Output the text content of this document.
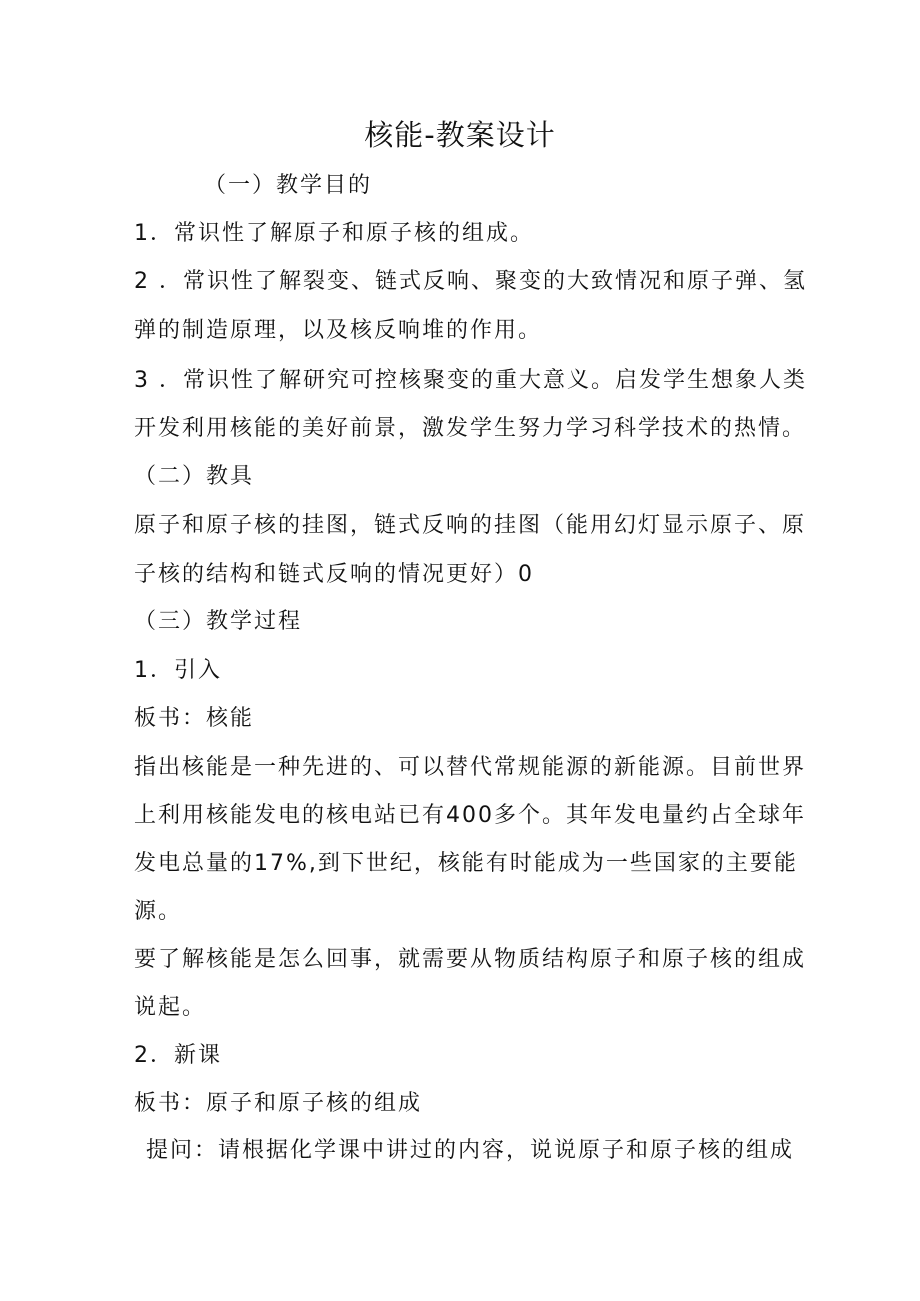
核能-教案设计
（一）教学目的
1．常识性了解原子和原子核的组成。
2 ．常识性了解裂变、链式反响、聚变的大致情况和原子弹、氢
弹的制造原理，以及核反响堆的作用。
3 ．常识性了解研究可控核聚变的重大意义。启发学生想象人类
开发利用核能的美好前景，激发学生努力学习科学技术的热情。
（二）教具
原子和原子核的挂图，链式反响的挂图（能用幻灯显示原子、原
子核的结构和链式反响的情况更好）0
（三）教学过程
1．引入
板书：核能
指出核能是一种先进的、可以替代常规能源的新能源。目前世界
上利用核能发电的核电站已有400多个。其年发电量约占全球年
发电总量的17%,到下世纪，核能有时能成为一些国家的主要能
源。
要了解核能是怎么回事，就需要从物质结构原子和原子核的组成
说起。
2．新课
板书：原子和原子核的组成
提问：请根据化学课中讲过的内容，说说原子和原子核的组成
